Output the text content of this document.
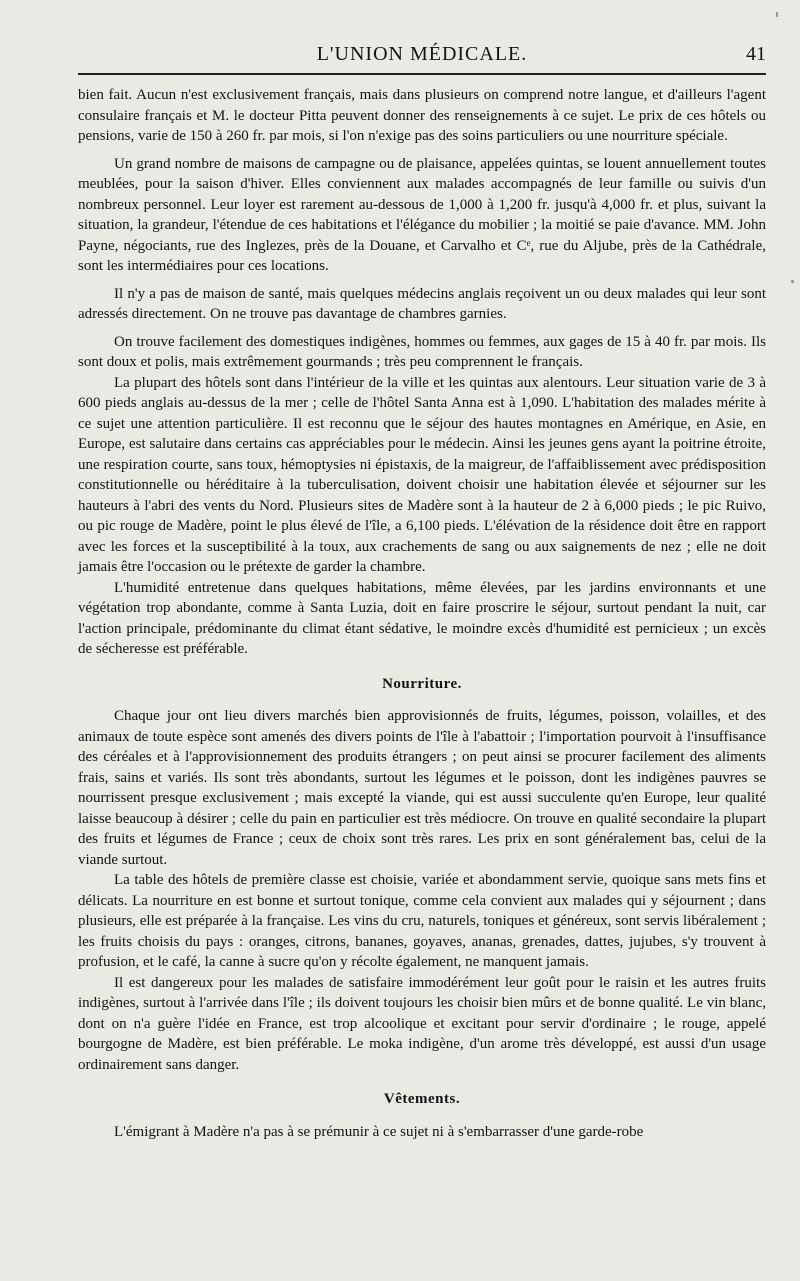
L'UNION MÉDICALE.	41

bien fait. Aucun n'est exclusivement français, mais dans plusieurs on comprend notre langue, et d'ailleurs l'agent consulaire français et M. le docteur Pitta peuvent donner des renseignements à ce sujet. Le prix de ces hôtels ou pensions, varie de 150 à 260 fr. par mois, si l'on n'exige pas des soins particuliers ou une nourriture spéciale.

Un grand nombre de maisons de campagne ou de plaisance, appelées quintas, se louent annuellement toutes meublées, pour la saison d'hiver. Elles conviennent aux malades accompagnés de leur famille ou suivis d'un nombreux personnel. Leur loyer est rarement au-dessous de 1,000 à 1,200 fr. jusqu'à 4,000 fr. et plus, suivant la situation, la grandeur, l'étendue de ces habitations et l'élégance du mobilier ; la moitié se paie d'avance. MM. John Payne, négociants, rue des Inglezes, près de la Douane, et Carvalho et Cᵉ, rue du Aljube, près de la Cathédrale, sont les intermédiaires pour ces locations.

Il n'y a pas de maison de santé, mais quelques médecins anglais reçoivent un ou deux malades qui leur sont adressés directement. On ne trouve pas davantage de chambres garnies.

On trouve facilement des domestiques indigènes, hommes ou femmes, aux gages de 15 à 40 fr. par mois. Ils sont doux et polis, mais extrêmement gourmands ; très peu comprennent le français.

La plupart des hôtels sont dans l'intérieur de la ville et les quintas aux alentours. Leur situation varie de 3 à 600 pieds anglais au-dessus de la mer ; celle de l'hôtel Santa Anna est à 1,090. L'habitation des malades mérite à ce sujet une attention particulière. Il est reconnu que le séjour des hautes montagnes en Amérique, en Asie, en Europe, est salutaire dans certains cas appréciables pour le médecin. Ainsi les jeunes gens ayant la poitrine étroite, une respiration courte, sans toux, hémoptysies ni épistaxis, de la maigreur, de l'affaiblissement avec prédisposition constitutionnelle ou héréditaire à la tuberculisation, doivent choisir une habitation élevée et séjourner sur les hauteurs à l'abri des vents du Nord. Plusieurs sites de Madère sont à la hauteur de 2 à 6,000 pieds ; le pic Ruivo, ou pic rouge de Madère, point le plus élevé de l'île, a 6,100 pieds. L'élévation de la résidence doit être en rapport avec les forces et la susceptibilité à la toux, aux crachements de sang ou aux saignements de nez ; elle ne doit jamais être l'occasion ou le prétexte de garder la chambre.

L'humidité entretenue dans quelques habitations, même élevées, par les jardins environnants et une végétation trop abondante, comme à Santa Luzia, doit en faire proscrire le séjour, surtout pendant la nuit, car l'action principale, prédominante du climat étant sédative, le moindre excès d'humidité est pernicieux ; un excès de sécheresse est préférable.

Nourriture.

Chaque jour ont lieu divers marchés bien approvisionnés de fruits, légumes, poisson, volailles, et des animaux de toute espèce sont amenés des divers points de l'île à l'abattoir ; l'importation pourvoit à l'insuffisance des céréales et à l'approvisionnement des produits étrangers ; on peut ainsi se procurer facilement des aliments frais, sains et variés. Ils sont très abondants, surtout les légumes et le poisson, dont les indigènes pauvres se nourrissent presque exclusivement ; mais excepté la viande, qui est aussi succulente qu'en Europe, leur qualité laisse beaucoup à désirer ; celle du pain en particulier est très médiocre. On trouve en qualité secondaire la plupart des fruits et légumes de France ; ceux de choix sont très rares. Les prix en sont généralement bas, celui de la viande surtout.

La table des hôtels de première classe est choisie, variée et abondamment servie, quoique sans mets fins et délicats. La nourriture en est bonne et surtout tonique, comme cela convient aux malades qui y séjournent ; dans plusieurs, elle est préparée à la française. Les vins du cru, naturels, toniques et généreux, sont servis libéralement ; les fruits choisis du pays : oranges, citrons, bananes, goyaves, ananas, grenades, dattes, jujubes, s'y trouvent à profusion, et le café, la canne à sucre qu'on y récolte également, ne manquent jamais.

Il est dangereux pour les malades de satisfaire immodérément leur goût pour le raisin et les autres fruits indigènes, surtout à l'arrivée dans l'île ; ils doivent toujours les choisir bien mûrs et de bonne qualité. Le vin blanc, dont on n'a guère l'idée en France, est trop alcoolique et excitant pour servir d'ordinaire ; le rouge, appelé bourgogne de Madère, est bien préférable. Le moka indigène, d'un arome très développé, est aussi d'un usage ordinairement sans danger.

Vêtements.

L'émigrant à Madère n'a pas à se prémunir à ce sujet ni à s'embarrasser d'une garde-robe
